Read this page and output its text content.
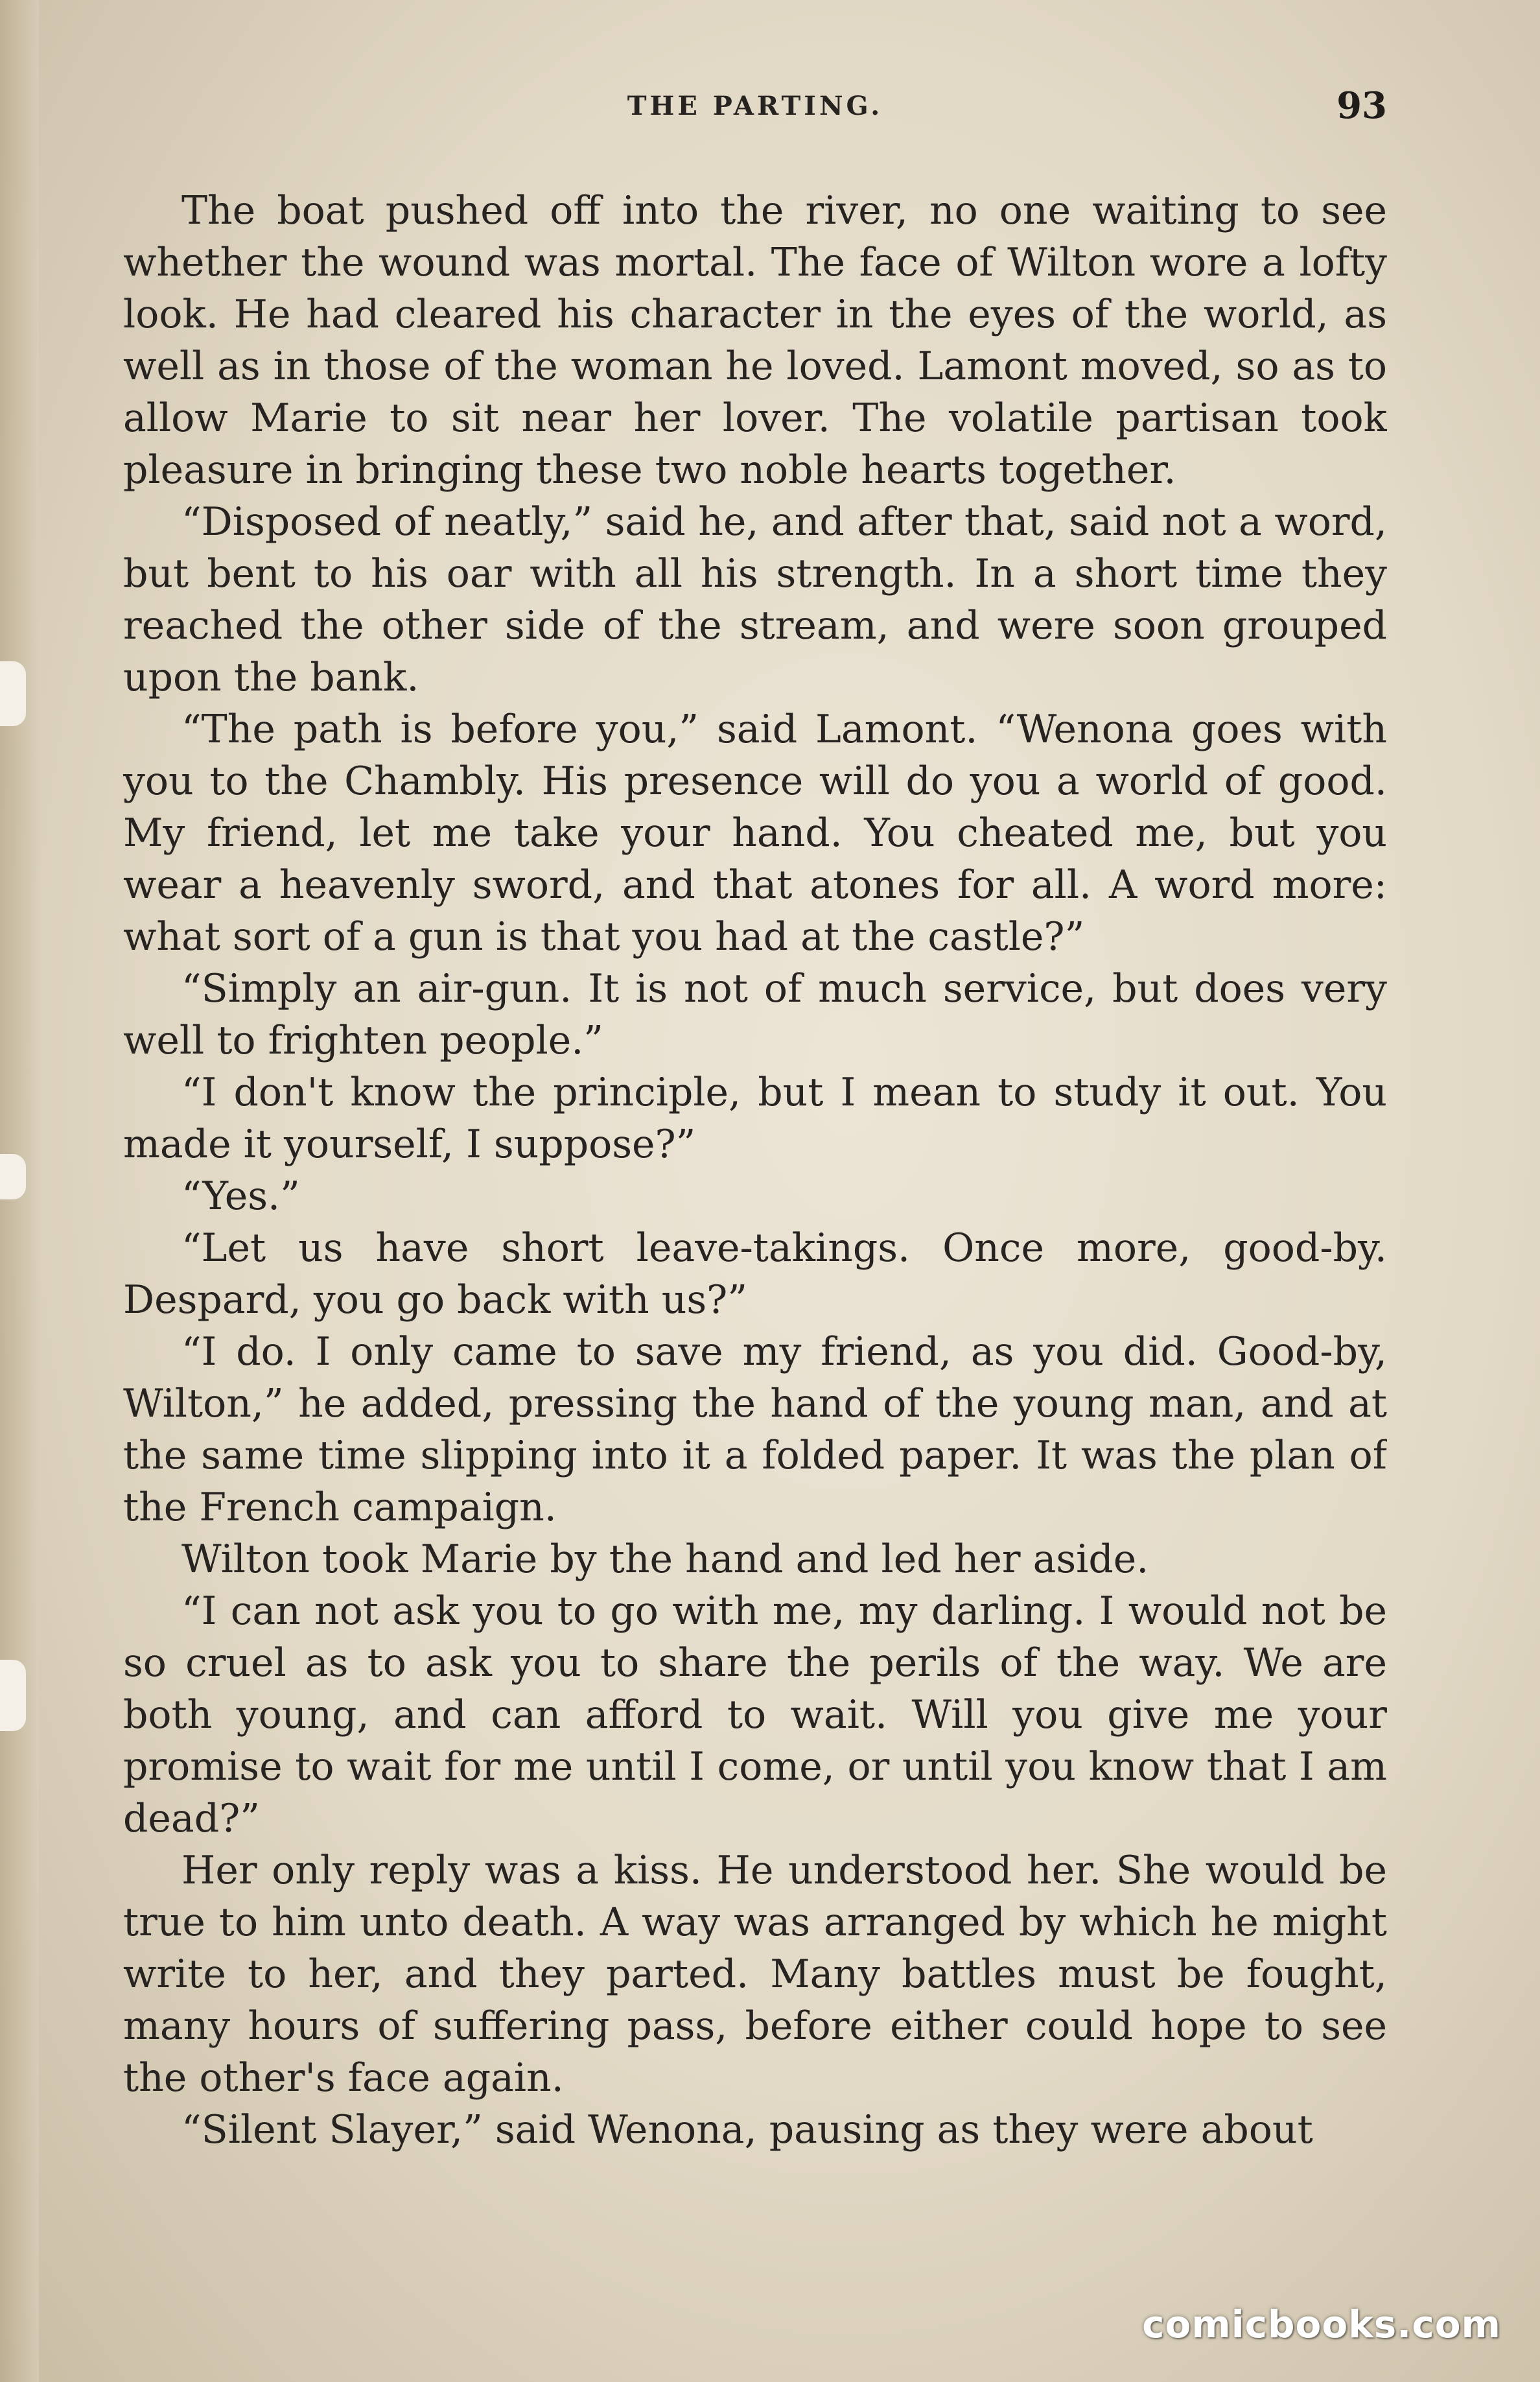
THE PARTING.	93

The boat pushed off into the river, no one waiting to see whether the wound was mortal. The face of Wilton wore a lofty look. He had cleared his character in the eyes of the world, as well as in those of the woman he loved. Lamont moved, so as to allow Marie to sit near her lover. The volatile partisan took pleasure in bringing these two noble hearts together.

“Disposed of neatly,” said he, and after that, said not a word, but bent to his oar with all his strength. In a short time they reached the other side of the stream, and were soon grouped upon the bank.

“The path is before you,” said Lamont. “Wenona goes with you to the Chambly. His presence will do you a world of good. My friend, let me take your hand. You cheated me, but you wear a heavenly sword, and that atones for all. A word more: what sort of a gun is that you had at the castle?”

“Simply an air-gun. It is not of much service, but does very well to frighten people.”

“I don't know the principle, but I mean to study it out. You made it yourself, I suppose?”

“Yes.”

“Let us have short leave-takings. Once more, good-by. Despard, you go back with us?”

“I do. I only came to save my friend, as you did. Good-by, Wilton,” he added, pressing the hand of the young man, and at the same time slipping into it a folded paper. It was the plan of the French campaign.

Wilton took Marie by the hand and led her aside.

“I can not ask you to go with me, my darling. I would not be so cruel as to ask you to share the perils of the way. We are both young, and can afford to wait. Will you give me your promise to wait for me until I come, or until you know that I am dead?”

Her only reply was a kiss. He understood her. She would be true to him unto death. A way was arranged by which he might write to her, and they parted. Many battles must be fought, many hours of suffering pass, before either could hope to see the other's face again.

“Silent Slayer,” said Wenona, pausing as they were about

comicbooks.com
